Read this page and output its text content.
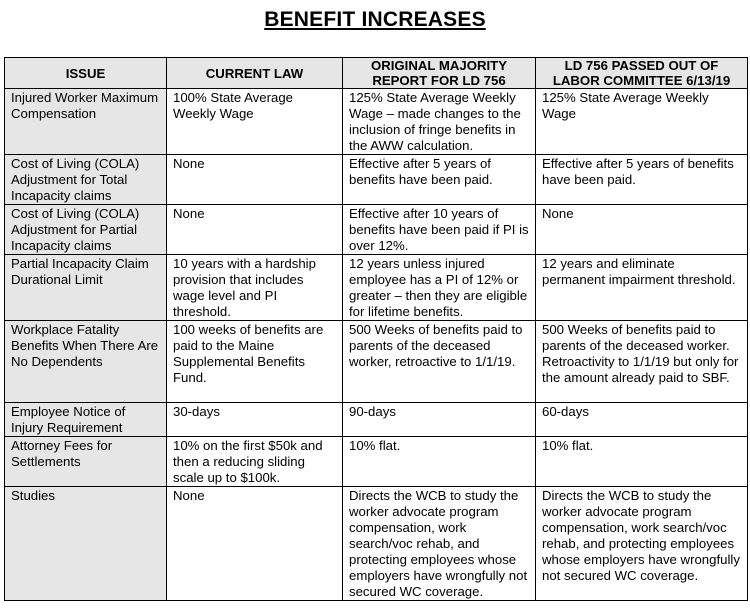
BENEFIT INCREASES
ISSUE	CURRENT LAW	ORIGINAL MAJORITY REPORT FOR LD 756	LD 756 PASSED OUT OF LABOR COMMITTEE 6/13/19
Injured Worker Maximum Compensation	100% State Average Weekly Wage	125% State Average Weekly Wage – made changes to the inclusion of fringe benefits in the AWW calculation.	125% State Average Weekly Wage
Cost of Living (COLA) Adjustment for Total Incapacity claims	None	Effective after 5 years of benefits have been paid.	Effective after 5 years of benefits have been paid.
Cost of Living (COLA) Adjustment for Partial Incapacity claims	None	Effective after 10 years of benefits have been paid if PI is over 12%.	None
Partial Incapacity Claim Durational Limit	10 years with a hardship provision that includes wage level and PI threshold.	12 years unless injured employee has a PI of 12% or greater – then they are eligible for lifetime benefits.	12 years and eliminate permanent impairment threshold.
Workplace Fatality Benefits When There Are No Dependents	100 weeks of benefits are paid to the Maine Supplemental Benefits Fund.	500 Weeks of benefits paid to parents of the deceased worker, retroactive to 1/1/19.	500 Weeks of benefits paid to parents of the deceased worker. Retroactivity to 1/1/19 but only for the amount already paid to SBF.
Employee Notice of Injury Requirement	30-days	90-days	60-days
Attorney Fees for Settlements	10% on the first $50k and then a reducing sliding scale up to $100k.	10% flat.	10% flat.
Studies	None	Directs the WCB to study the worker advocate program compensation, work search/voc rehab, and protecting employees whose employers have wrongfully not secured WC coverage.	Directs the WCB to study the worker advocate program compensation, work search/voc rehab, and protecting employees whose employers have wrongfully not secured WC coverage.
